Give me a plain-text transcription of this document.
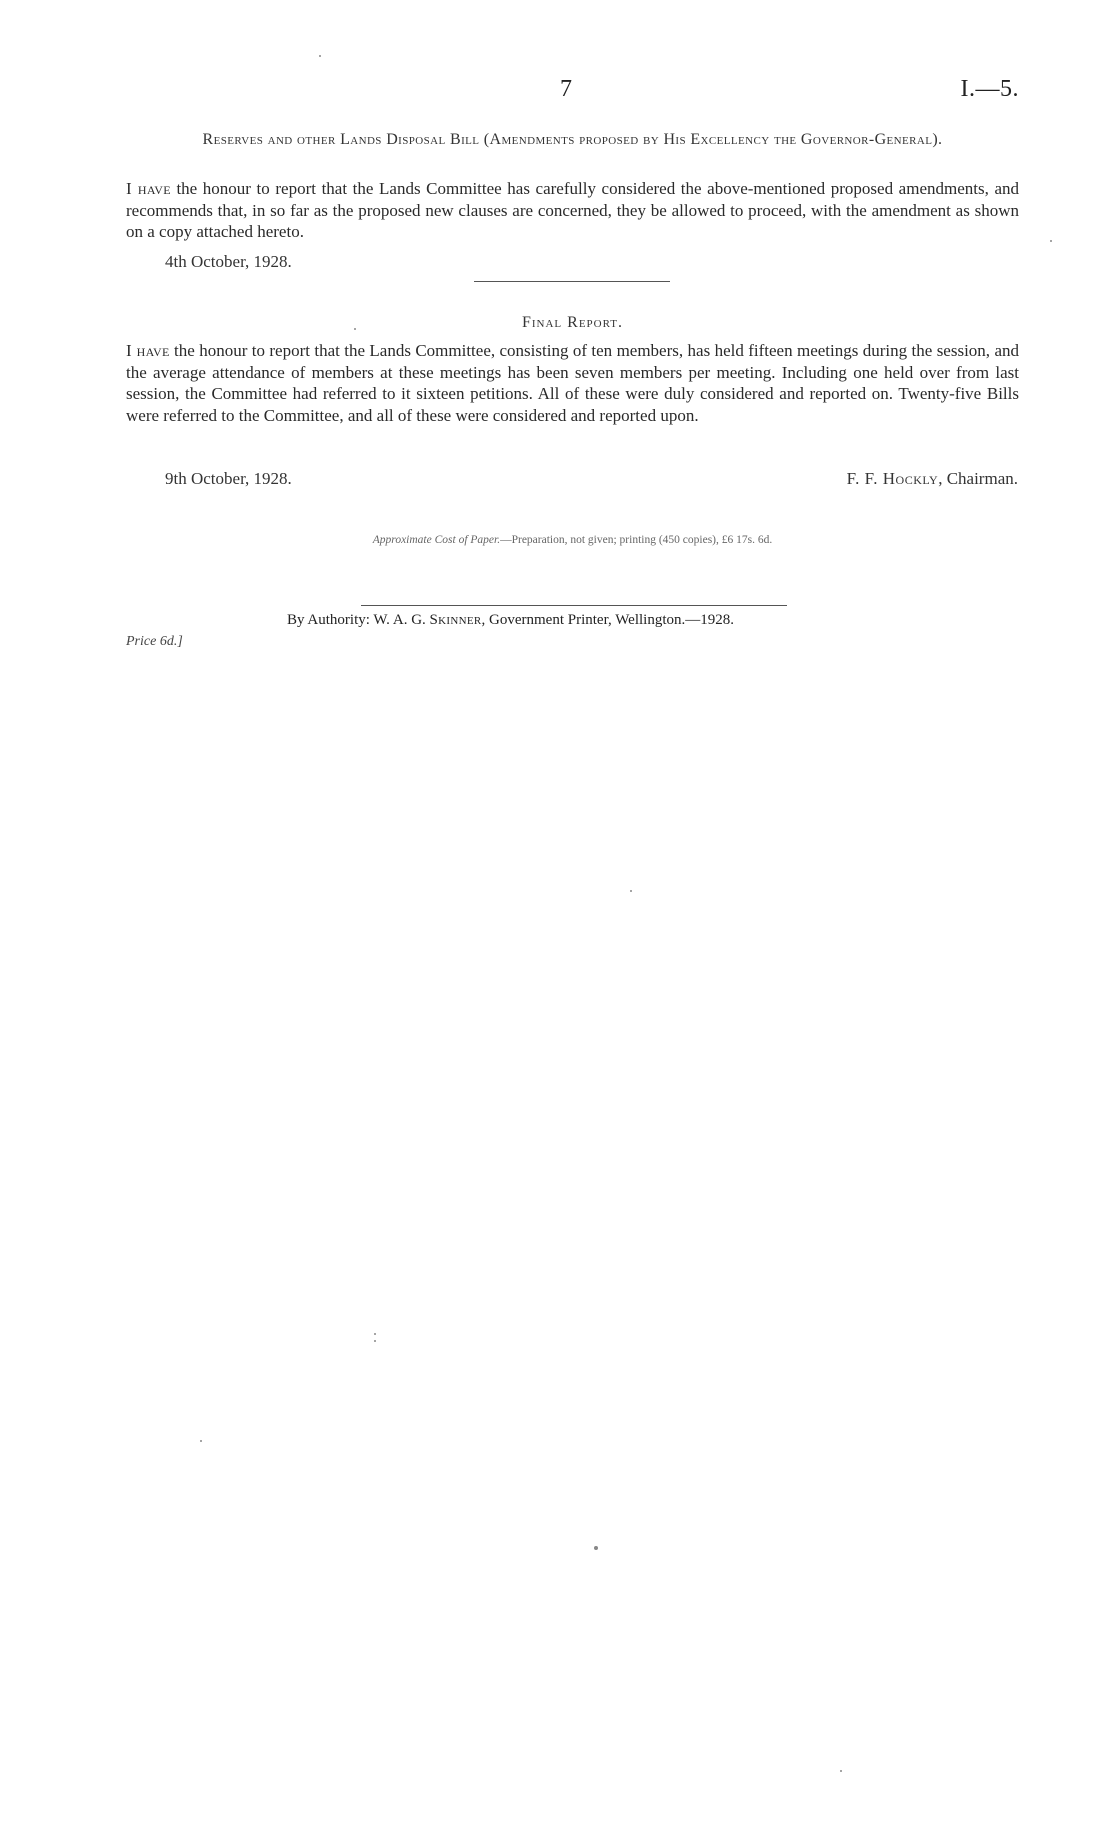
7	I.—5.
Reserves and other Lands Disposal Bill (Amendments proposed by His Excellency the Governor-General).
I have the honour to report that the Lands Committee has carefully considered the above-mentioned proposed amendments, and recommends that, in so far as the proposed new clauses are concerned, they be allowed to proceed, with the amendment as shown on a copy attached hereto.
4th October, 1928.
Final Report.
I have the honour to report that the Lands Committee, consisting of ten members, has held fifteen meetings during the session, and the average attendance of members at these meetings has been seven members per meeting. Including one held over from last session, the Committee had referred to it sixteen petitions. All of these were duly considered and reported on. Twenty-five Bills were referred to the Committee, and all of these were considered and reported upon.
9th October, 1928.	F. F. Hockly, Chairman.
Approximate Cost of Paper.—Preparation, not given; printing (450 copies), £6 17s. 6d.
By Authority: W. A. G. Skinner, Government Printer, Wellington.—1928.
Price 6d.]
